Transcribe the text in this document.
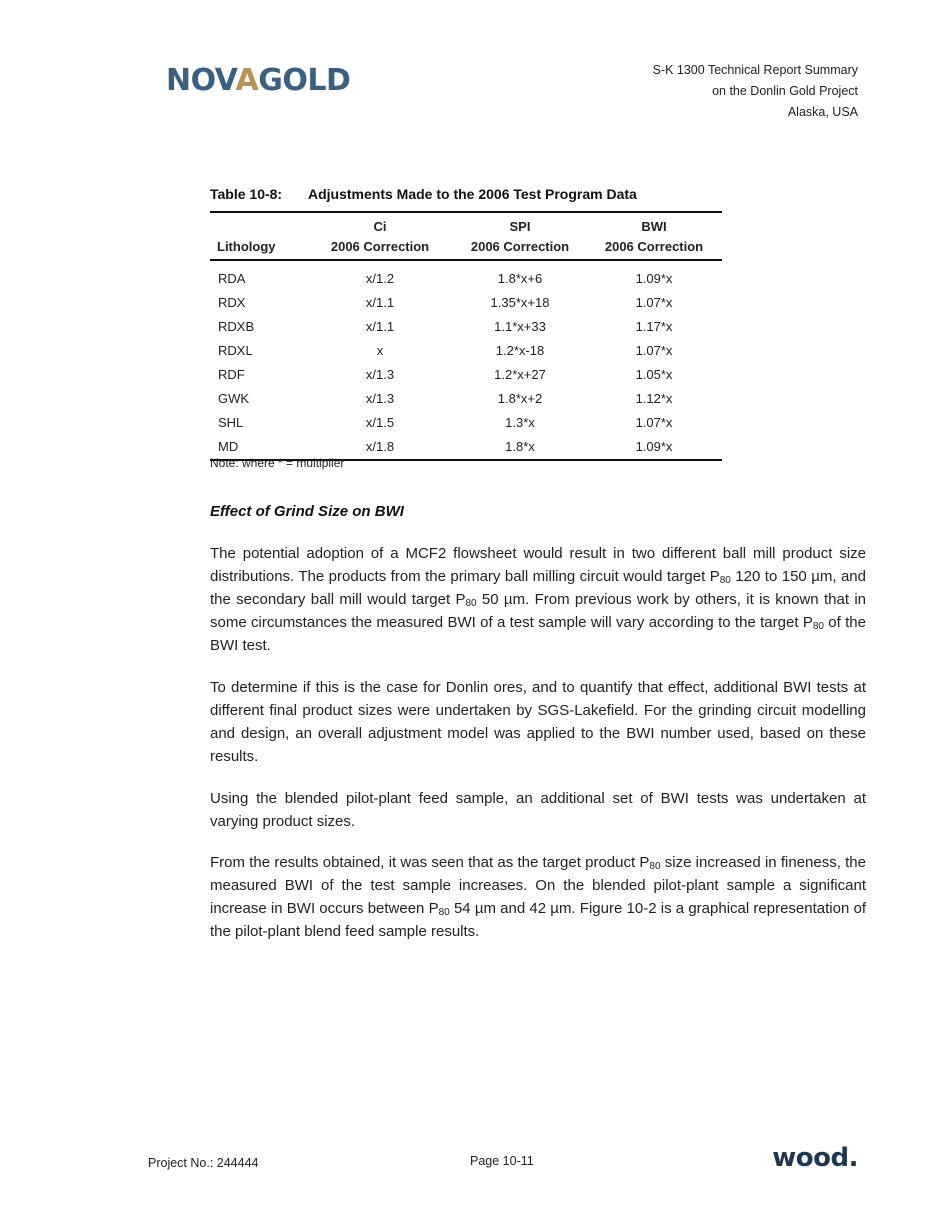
NOVAGOLD	S-K 1300 Technical Report Summary
on the Donlin Gold Project
Alaska, USA
Table 10-8: Adjustments Made to the 2006 Test Program Data
	Ci	SPI	BWI
Lithology	2006 Correction	2006 Correction	2006 Correction
RDA	x/1.2	1.8*x+6	1.09*x
RDX	x/1.1	1.35*x+18	1.07*x
RDXB	x/1.1	1.1*x+33	1.17*x
RDXL	x	1.2*x-18	1.07*x
RDF	x/1.3	1.2*x+27	1.05*x
GWK	x/1.3	1.8*x+2	1.12*x
SHL	x/1.5	1.3*x	1.07*x
MD	x/1.8	1.8*x	1.09*x
Note: where * = multiplier
Effect of Grind Size on BWI

The potential adoption of a MCF2 flowsheet would result in two different ball mill product size distributions. The products from the primary ball milling circuit would target $P_{80}$ 120 to 150 µm, and the secondary ball mill would target $P_{80}$ 50 µm. From previous work by others, it is known that in some circumstances the measured BWI of a test sample will vary according to the target $P_{80}$ of the BWI test.

To determine if this is the case for Donlin ores, and to quantify that effect, additional BWI tests at different final product sizes were undertaken by SGS-Lakefield. For the grinding circuit modelling and design, an overall adjustment model was applied to the BWI number used, based on these results.

Using the blended pilot-plant feed sample, an additional set of BWI tests was undertaken at varying product sizes.

From the results obtained, it was seen that as the target product $P_{80}$ size increased in fineness, the measured BWI of the test sample increases. On the blended pilot-plant sample a significant increase in BWI occurs between $P_{80}$ 54 µm and 42 µm. Figure 10-2 is a graphical representation of the pilot-plant blend feed sample results.

Project No.: 244444	Page 10-11	wood.
